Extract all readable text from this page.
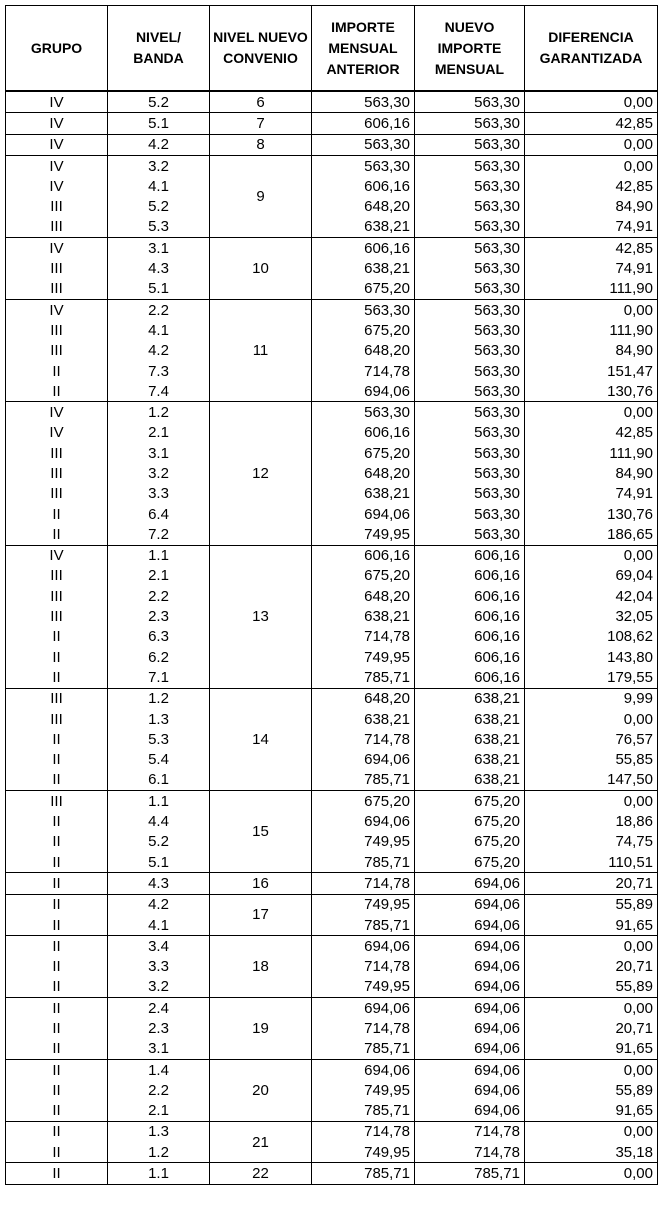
GRUPO	NIVEL/ BANDA	NIVEL NUEVO CONVENIO	IMPORTE MENSUAL ANTERIOR	NUEVO IMPORTE MENSUAL	DIFERENCIA GARANTIZADA
IV	5.2	6	563,30	563,30	0,00
IV	5.1	7	606,16	563,30	42,85
IV	4.2	8	563,30	563,30	0,00
IV	3.2	9	563,30	563,30	0,00
IV	4.1		606,16	563,30	42,85
III	5.2		648,20	563,30	84,90
III	5.3		638,21	563,30	74,91
IV	3.1	10	606,16	563,30	42,85
III	4.3		638,21	563,30	74,91
III	5.1		675,20	563,30	111,90
IV	2.2	11	563,30	563,30	0,00
III	4.1		675,20	563,30	111,90
III	4.2		648,20	563,30	84,90
II	7.3		714,78	563,30	151,47
II	7.4		694,06	563,30	130,76
IV	1.2	12	563,30	563,30	0,00
IV	2.1		606,16	563,30	42,85
III	3.1		675,20	563,30	111,90
III	3.2		648,20	563,30	84,90
III	3.3		638,21	563,30	74,91
II	6.4		694,06	563,30	130,76
II	7.2		749,95	563,30	186,65
IV	1.1	13	606,16	606,16	0,00
III	2.1		675,20	606,16	69,04
III	2.2		648,20	606,16	42,04
III	2.3		638,21	606,16	32,05
II	6.3		714,78	606,16	108,62
II	6.2		749,95	606,16	143,80
II	7.1		785,71	606,16	179,55
III	1.2	14	648,20	638,21	9,99
III	1.3		638,21	638,21	0,00
II	5.3		714,78	638,21	76,57
II	5.4		694,06	638,21	55,85
II	6.1		785,71	638,21	147,50
III	1.1	15	675,20	675,20	0,00
II	4.4		694,06	675,20	18,86
II	5.2		749,95	675,20	74,75
II	5.1		785,71	675,20	110,51
II	4.3	16	714,78	694,06	20,71
II	4.2	17	749,95	694,06	55,89
II	4.1		785,71	694,06	91,65
II	3.4	18	694,06	694,06	0,00
II	3.3		714,78	694,06	20,71
II	3.2		749,95	694,06	55,89
II	2.4	19	694,06	694,06	0,00
II	2.3		714,78	694,06	20,71
II	3.1		785,71	694,06	91,65
II	1.4	20	694,06	694,06	0,00
II	2.2		749,95	694,06	55,89
II	2.1		785,71	694,06	91,65
II	1.3	21	714,78	714,78	0,00
II	1.2		749,95	714,78	35,18
II	1.1	22	785,71	785,71	0,00
